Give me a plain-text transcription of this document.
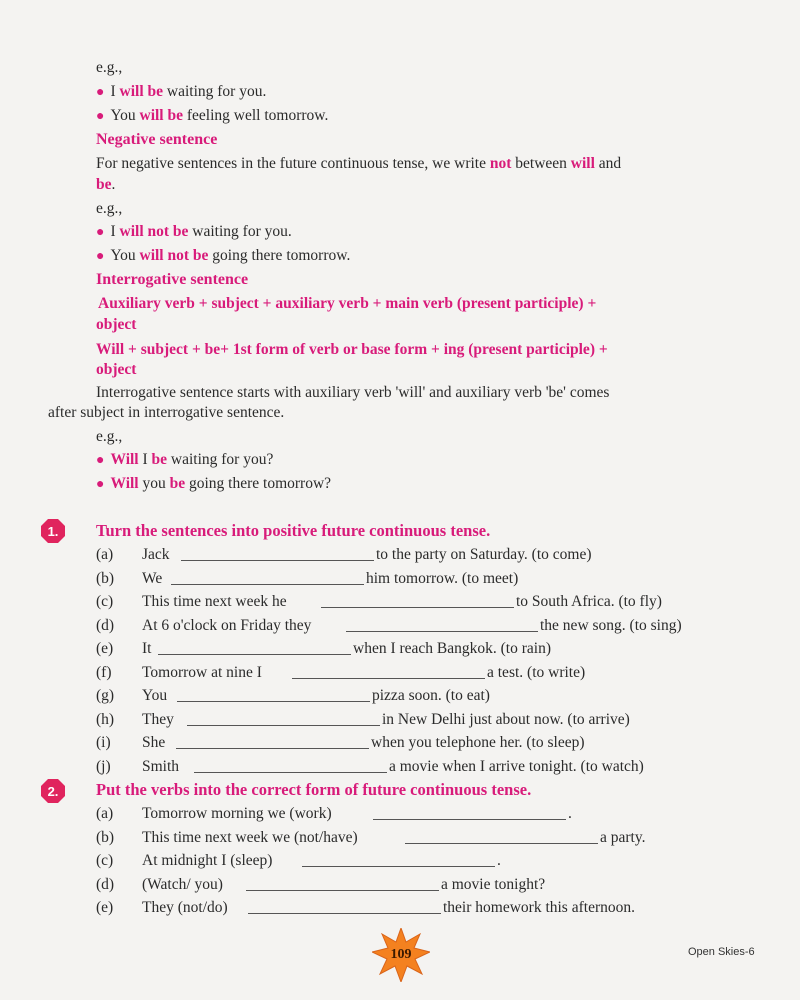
e.g.,
● I will be waiting for you.
● You will be feeling well tomorrow.
Negative sentence
For negative sentences in the future continuous tense, we write not between will and
be.
e.g.,
● I will not be waiting for you.
● You will not be going there tomorrow.
Interrogative sentence
Auxiliary verb + subject + auxiliary verb + main verb (present participle) +
object
Will + subject + be+ 1st form of verb or base form + ing (present participle) +
object
Interrogative sentence starts with auxiliary verb 'will' and auxiliary verb 'be' comes
after subject in interrogative sentence.
e.g.,
● Will I be waiting for you?
● Will you be going there tomorrow?
1.	Turn the sentences into positive future continuous tense.
(a) Jack	to the party on Saturday. (to come)
(b) We	him tomorrow. (to meet)
(c) This time next week he	to South Africa. (to fly)
(d) At 6 o'clock on Friday they	the new song. (to sing)
(e) It	when I reach Bangkok. (to rain)
(f) Tomorrow at nine I	a test. (to write)
(g) You	pizza soon. (to eat)
(h) They	in New Delhi just about now. (to arrive)
(i) She	when you telephone her. (to sleep)
(j) Smith	a movie when I arrive tonight. (to watch)
2.	Put the verbs into the correct form of future continuous tense.
(a) Tomorrow morning we (work)	.
(b) This time next week we (not/have)	a party.
(c) At midnight I (sleep)	.
(d) (Watch/ you)	a movie tonight?
(e) They (not/do)	their homework this afternoon.
109	Open Skies-6
